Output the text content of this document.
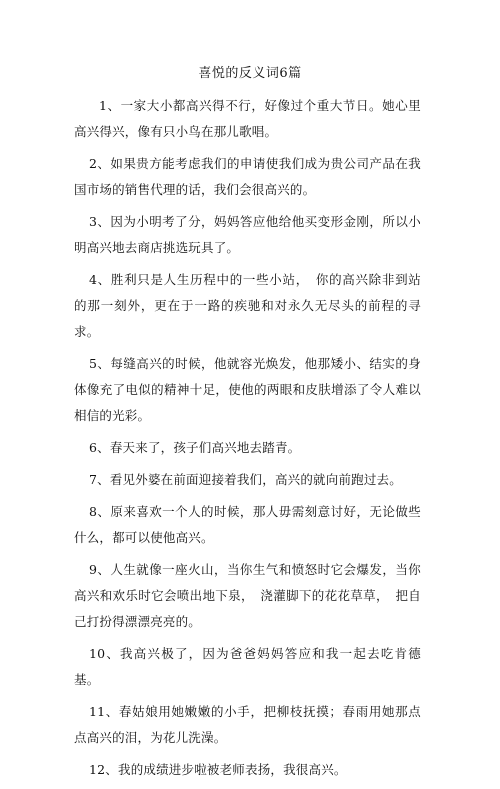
喜悦的反义词6篇

1、一家大小都高兴得不行，好像过个重大节日。她心里高兴得兴，像有只小鸟在那儿歌唱。

2、如果贵方能考虑我们的申请使我们成为贵公司产品在我国市场的销售代理的话，我们会很高兴的。

3、因为小明考了分，妈妈答应他给他买变形金刚，所以小明高兴地去商店挑选玩具了。

4、胜利只是人生历程中的一些小站，　你的高兴除非到站的那一刻外，更在于一路的疾驰和对永久无尽头的前程的寻求。

5、每缝高兴的时候，他就容光焕发，他那矮小、结实的身体像充了电似的精神十足，使他的两眼和皮肤增添了令人难以相信的光彩。

6、春天来了，孩子们高兴地去踏青。

7、看见外婆在前面迎接着我们，高兴的就向前跑过去。

8、原来喜欢一个人的时候，那人毋需刻意讨好，无论做些什么，都可以使他高兴。

9、人生就像一座火山，当你生气和愤怒时它会爆发，当你高兴和欢乐时它会喷出地下泉，　浇灌脚下的花花草草，　把自己打扮得漂漂亮亮的。

10、我高兴极了，因为爸爸妈妈答应和我一起去吃肯德基。

11、春姑娘用她嫩嫩的小手，把柳枝抚摸；春雨用她那点点高兴的泪，为花儿洗澡。

12、我的成绩进步啦被老师表扬，我很高兴。
